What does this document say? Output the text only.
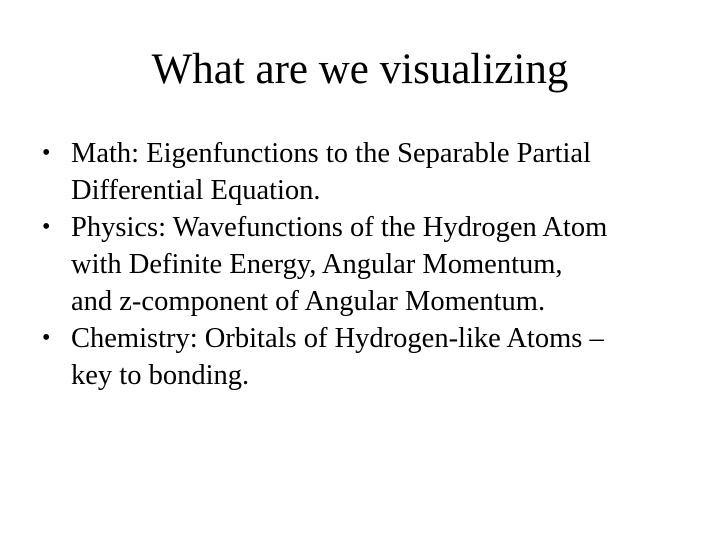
What are we visualizing
• Math: Eigenfunctions to the Separable Partial
Differential Equation.
• Physics: Wavefunctions of the Hydrogen Atom
with Definite Energy, Angular Momentum,
and z-component of Angular Momentum.
• Chemistry: Orbitals of Hydrogen-like Atoms –
key to bonding.
